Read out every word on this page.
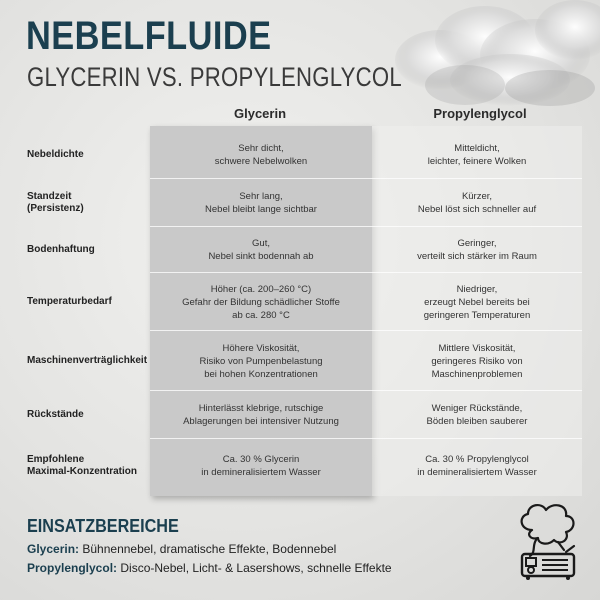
NEBELFLUIDE
GLYCERIN VS. PROPYLENGLYCOL
Glycerin	Propylenglycol
Nebeldichte
Sehr dicht,
schwere Nebelwolken
Mitteldicht,
leichter, feinere Wolken
Standzeit
(Persistenz)
Sehr lang,
Nebel bleibt lange sichtbar
Kürzer,
Nebel löst sich schneller auf
Bodenhaftung
Gut,
Nebel sinkt bodennah ab
Geringer,
verteilt sich stärker im Raum
Temperaturbedarf
Höher (ca. 200–260 °C)
Gefahr der Bildung schädlicher Stoffe
ab ca. 280 °C
Niedriger,
erzeugt Nebel bereits bei
geringeren Temperaturen
Maschinenverträglichkeit
Höhere Viskosität,
Risiko von Pumpenbelastung
bei hohen Konzentrationen
Mittlere Viskosität,
geringeres Risiko von
Maschinenproblemen
Rückstände
Hinterlässt klebrige, rutschige
Ablagerungen bei intensiver Nutzung
Weniger Rückstände,
Böden bleiben sauberer
Empfohlene
Maximal-Konzentration
Ca. 30 % Glycerin
in demineralisiertem Wasser
Ca. 30 % Propylenglycol
in demineralisiertem Wasser
EINSATZBEREICHE
Glycerin: Bühnennebel, dramatische Effekte, Bodennebel
Propylenglycol: Disco-Nebel, Licht- & Lasershows, schnelle Effekte
